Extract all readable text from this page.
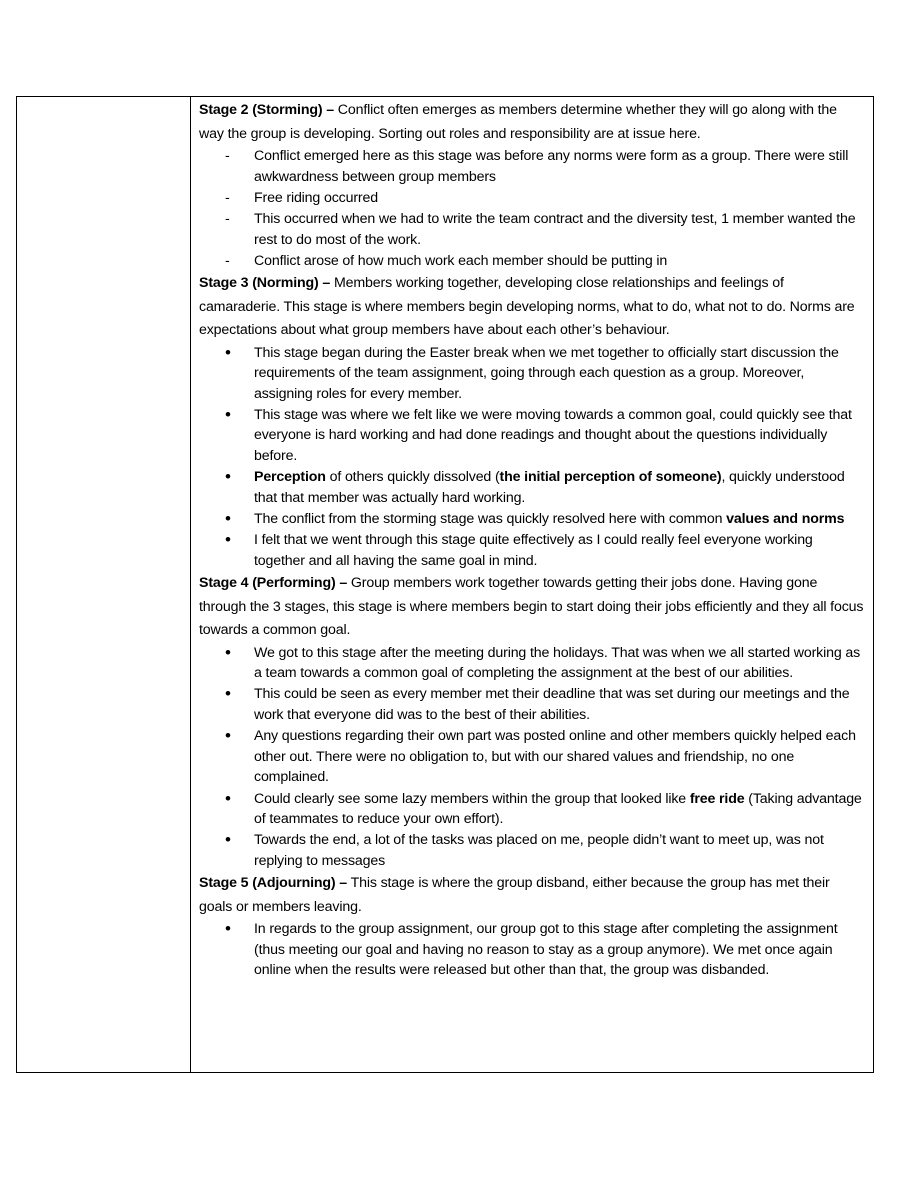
Stage 2 (Storming) – Conflict often emerges as members determine whether they will go along with the way the group is developing. Sorting out roles and responsibility are at issue here.

-
Conflict emerged here as this stage was before any norms were form as a group. There were still awkwardness between group members
-
Free riding occurred
-
This occurred when we had to write the team contract and the diversity test, 1 member wanted the rest to do most of the work.
-
Conflict arose of how much work each member should be putting in

Stage 3 (Norming) – Members working together, developing close relationships and feelings of camaraderie. This stage is where members begin developing norms, what to do, what not to do. Norms are expectations about what group members have about each other’s behaviour.

•
This stage began during the Easter break when we met together to officially start discussion the requirements of the team assignment, going through each question as a group. Moreover, assigning roles for every member.
•
This stage was where we felt like we were moving towards a common goal, could quickly see that everyone is hard working and had done readings and thought about the questions individually before.
•
Perception of others quickly dissolved (the initial perception of someone), quickly understood that that member was actually hard working.
•
The conflict from the storming stage was quickly resolved here with common values and norms
•
I felt that we went through this stage quite effectively as I could really feel everyone working together and all having the same goal in mind.

Stage 4 (Performing) – Group members work together towards getting their jobs done. Having gone through the 3 stages, this stage is where members begin to start doing their jobs efficiently and they all focus towards a common goal.

•
We got to this stage after the meeting during the holidays. That was when we all started working as a team towards a common goal of completing the assignment at the best of our abilities.
•
This could be seen as every member met their deadline that was set during our meetings and the work that everyone did was to the best of their abilities.
•
Any questions regarding their own part was posted online and other members quickly helped each other out. There were no obligation to, but with our shared values and friendship, no one complained.
•
Could clearly see some lazy members within the group that looked like free ride (Taking advantage of teammates to reduce your own effort).
•
Towards the end, a lot of the tasks was placed on me, people didn’t want to meet up, was not replying to messages

Stage 5 (Adjourning) – This stage is where the group disband, either because the group has met their goals or members leaving.

•
In regards to the group assignment, our group got to this stage after completing the assignment (thus meeting our goal and having no reason to stay as a group anymore). We met once again online when the results were released but other than that, the group was disbanded.
